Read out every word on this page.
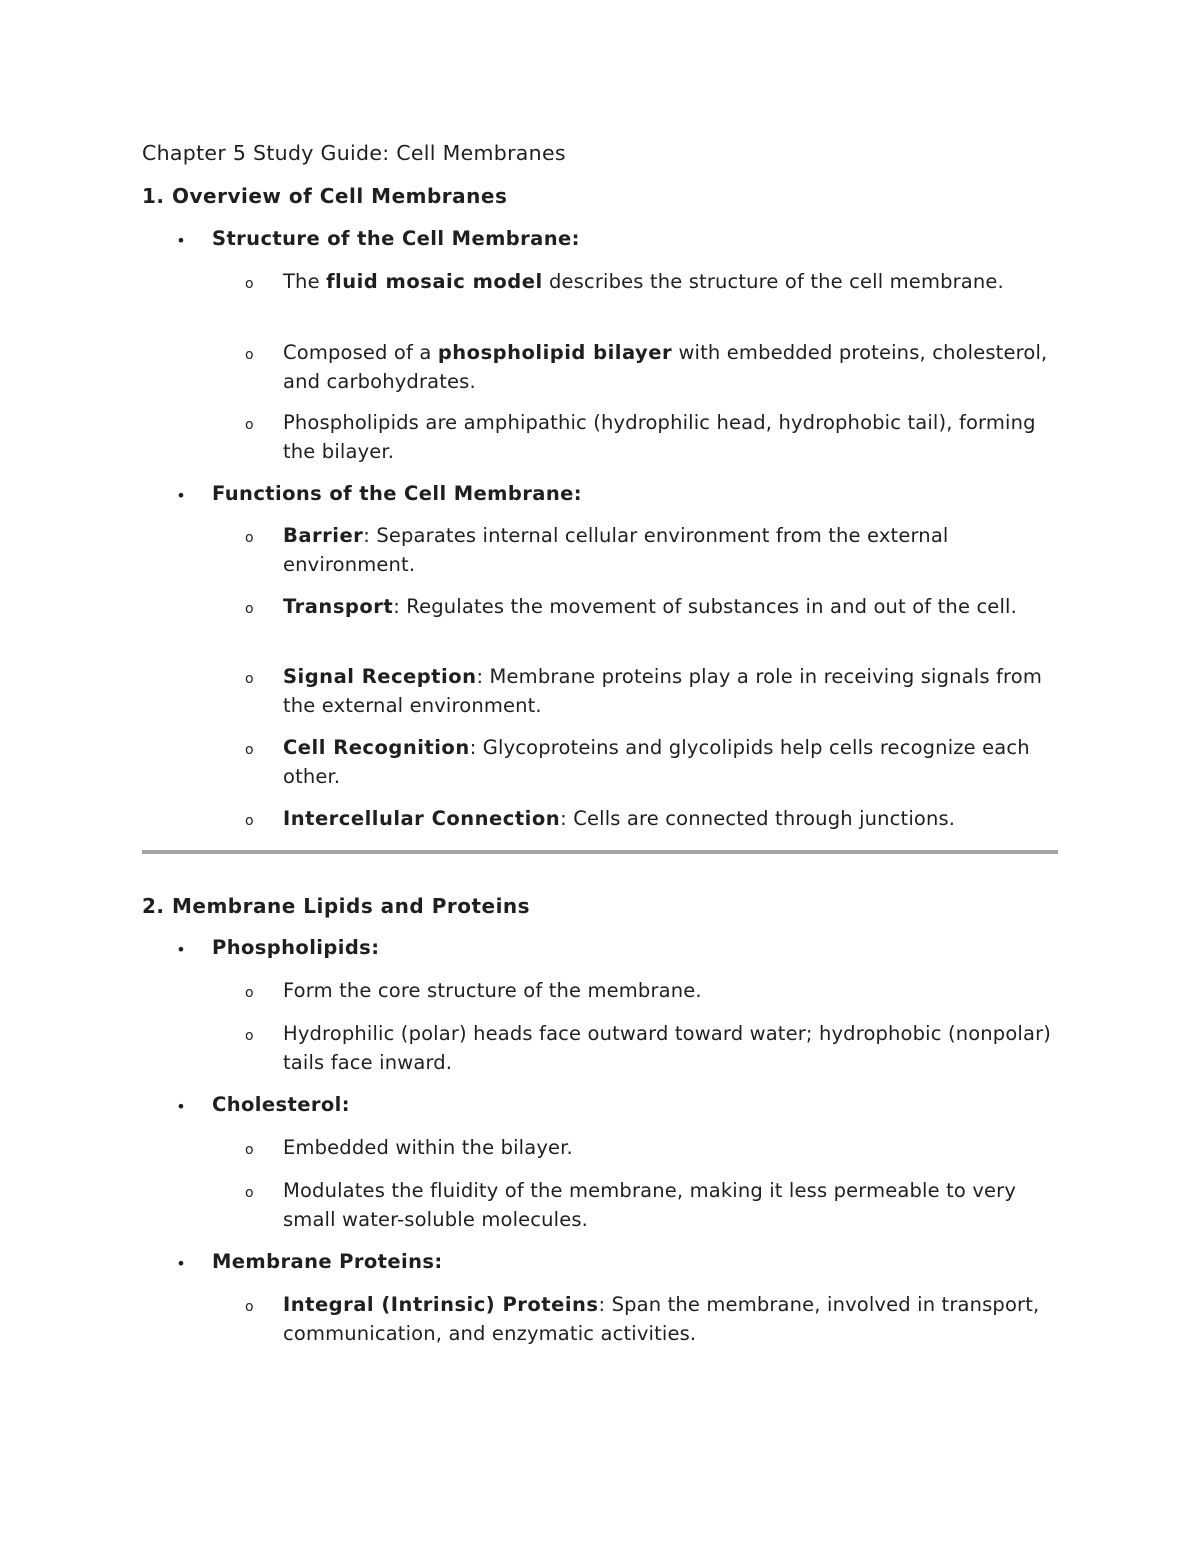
Chapter 5 Study Guide: Cell Membranes
1. Overview of Cell Membranes
• Structure of the Cell Membrane:
o The fluid mosaic model describes the structure of the cell membrane.
o Composed of a phospholipid bilayer with embedded proteins, cholesterol, and carbohydrates.
o Phospholipids are amphipathic (hydrophilic head, hydrophobic tail), forming the bilayer.
• Functions of the Cell Membrane:
o Barrier: Separates internal cellular environment from the external environment.
o Transport: Regulates the movement of substances in and out of the cell.
o Signal Reception: Membrane proteins play a role in receiving signals from the external environment.
o Cell Recognition: Glycoproteins and glycolipids help cells recognize each other.
o Intercellular Connection: Cells are connected through junctions.
2. Membrane Lipids and Proteins
• Phospholipids:
o Form the core structure of the membrane.
o Hydrophilic (polar) heads face outward toward water; hydrophobic (nonpolar) tails face inward.
• Cholesterol:
o Embedded within the bilayer.
o Modulates the fluidity of the membrane, making it less permeable to very small water-soluble molecules.
• Membrane Proteins:
o Integral (Intrinsic) Proteins: Span the membrane, involved in transport, communication, and enzymatic activities.
